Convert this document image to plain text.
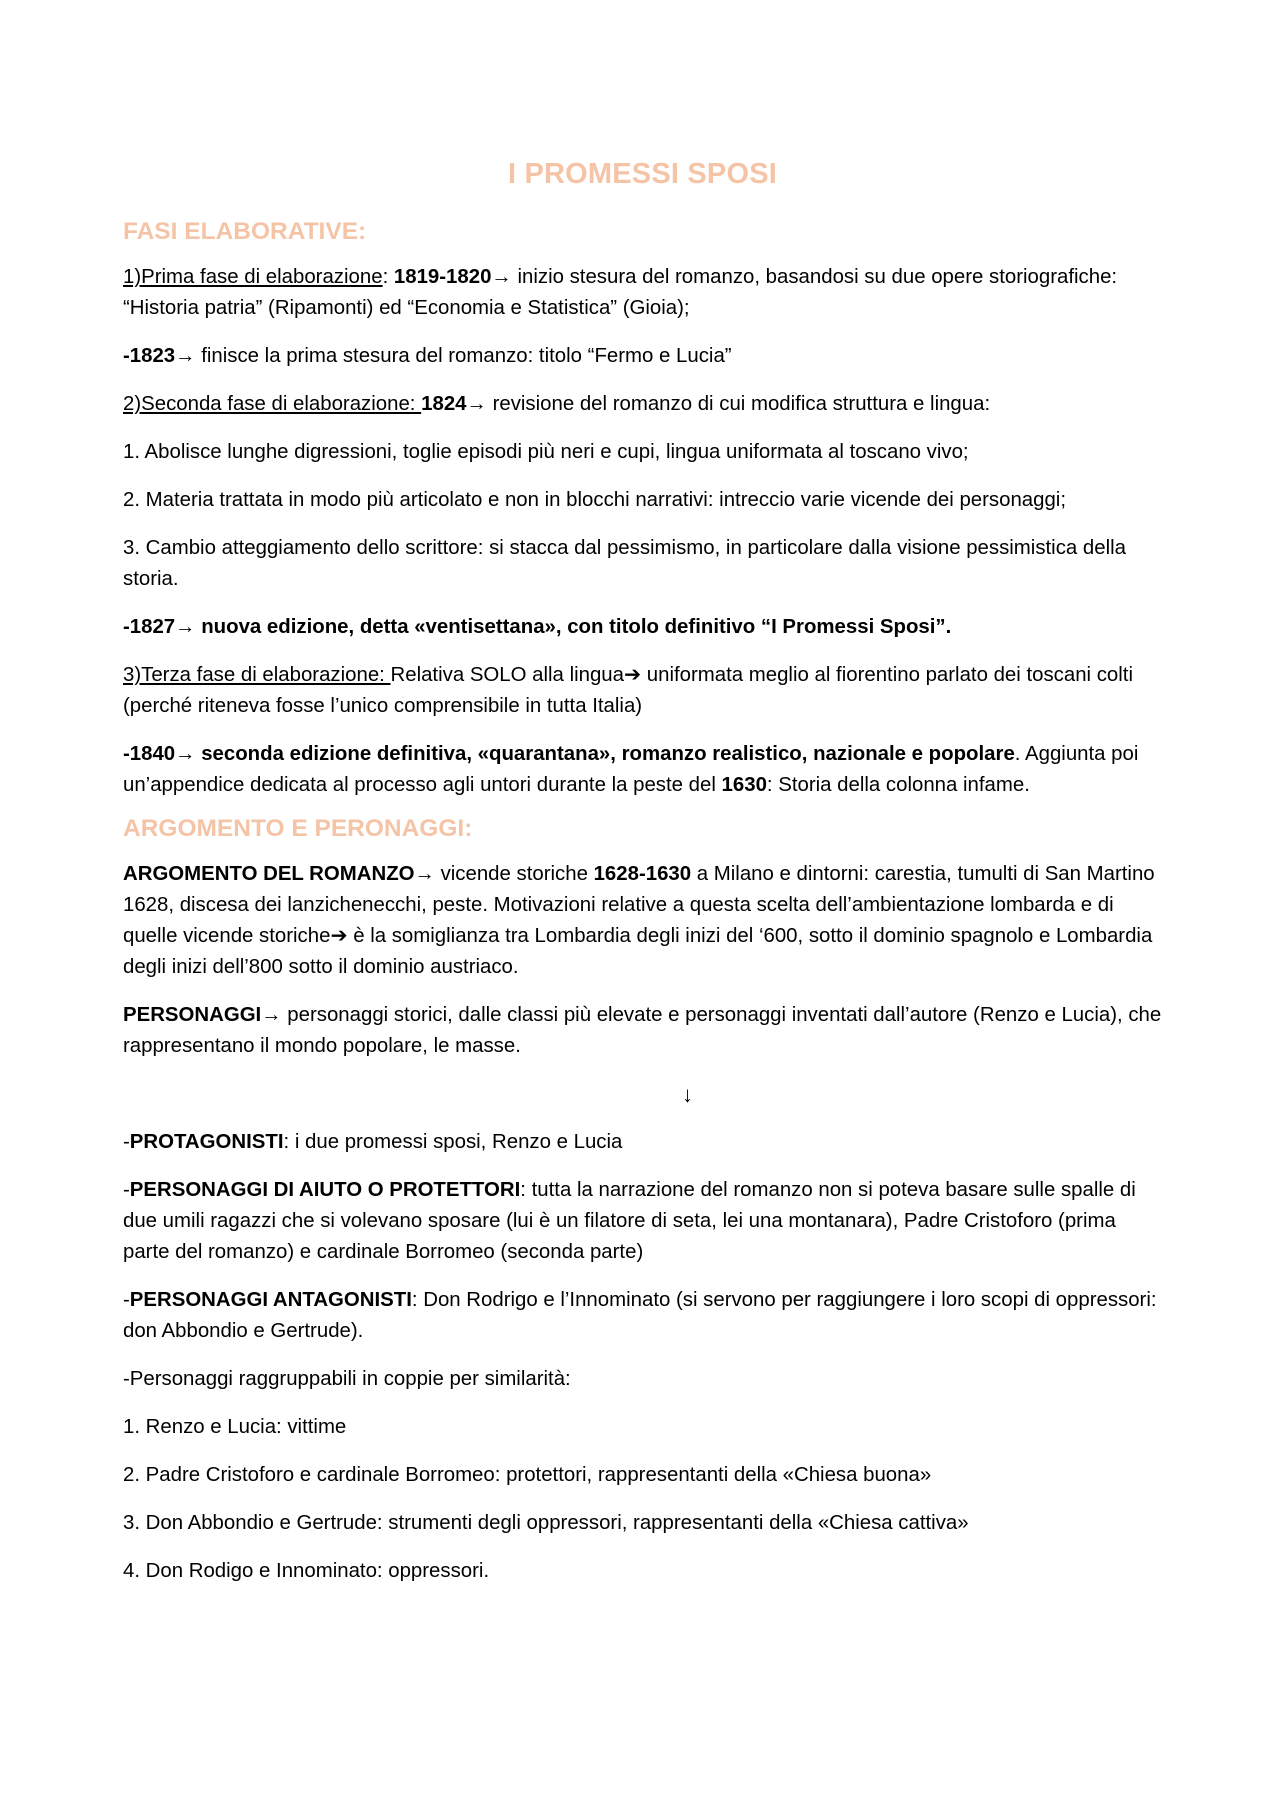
I PROMESSI SPOSI
FASI ELABORATIVE:

1)Prima fase di elaborazione: 1819-1820→ inizio stesura del romanzo, basandosi su due opere storiografiche: “Historia patria” (Ripamonti) ed “Economia e Statistica” (Gioia);

-1823→ finisce la prima stesura del romanzo: titolo “Fermo e Lucia”

2)Seconda fase di elaborazione: 1824→ revisione del romanzo di cui modifica struttura e lingua:

1. Abolisce lunghe digressioni, toglie episodi più neri e cupi, lingua uniformata al toscano vivo;

2. Materia trattata in modo più articolato e non in blocchi narrativi: intreccio varie vicende dei personaggi;

3. Cambio atteggiamento dello scrittore: si stacca dal pessimismo, in particolare dalla visione pessimistica della storia.

-1827→ nuova edizione, detta «ventisettana», con titolo definitivo “I Promessi Sposi”.

3)Terza fase di elaborazione: Relativa SOLO alla lingua➔ uniformata meglio al fiorentino parlato dei toscani colti (perché riteneva fosse l’unico comprensibile in tutta Italia)

-1840→ seconda edizione definitiva, «quarantana», romanzo realistico, nazionale e popolare. Aggiunta poi un’appendice dedicata al processo agli untori durante la peste del 1630: Storia della colonna infame.

ARGOMENTO E PERONAGGI:

ARGOMENTO DEL ROMANZO→ vicende storiche 1628-1630 a Milano e dintorni: carestia, tumulti di San Martino 1628, discesa dei lanzichenecchi, peste. Motivazioni relative a questa scelta dell’ambientazione lombarda e di quelle vicende storiche➔ è la somiglianza tra Lombardia degli inizi del ‘600, sotto il dominio spagnolo e Lombardia degli inizi dell’800 sotto il dominio austriaco.

PERSONAGGI→ personaggi storici, dalle classi più elevate e personaggi inventati dall’autore (Renzo e Lucia), che rappresentano il mondo popolare, le masse.

↓

-PROTAGONISTI: i due promessi sposi, Renzo e Lucia

-PERSONAGGI DI AIUTO O PROTETTORI: tutta la narrazione del romanzo non si poteva basare sulle spalle di due umili ragazzi che si volevano sposare (lui è un filatore di seta, lei una montanara), Padre Cristoforo (prima parte del romanzo) e cardinale Borromeo (seconda parte)

-PERSONAGGI ANTAGONISTI: Don Rodrigo e l’Innominato (si servono per raggiungere i loro scopi di oppressori: don Abbondio e Gertrude).

-Personaggi raggruppabili in coppie per similarità:

1. Renzo e Lucia: vittime

2. Padre Cristoforo e cardinale Borromeo: protettori, rappresentanti della «Chiesa buona»

3. Don Abbondio e Gertrude: strumenti degli oppressori, rappresentanti della «Chiesa cattiva»

4. Don Rodigo e Innominato: oppressori.
